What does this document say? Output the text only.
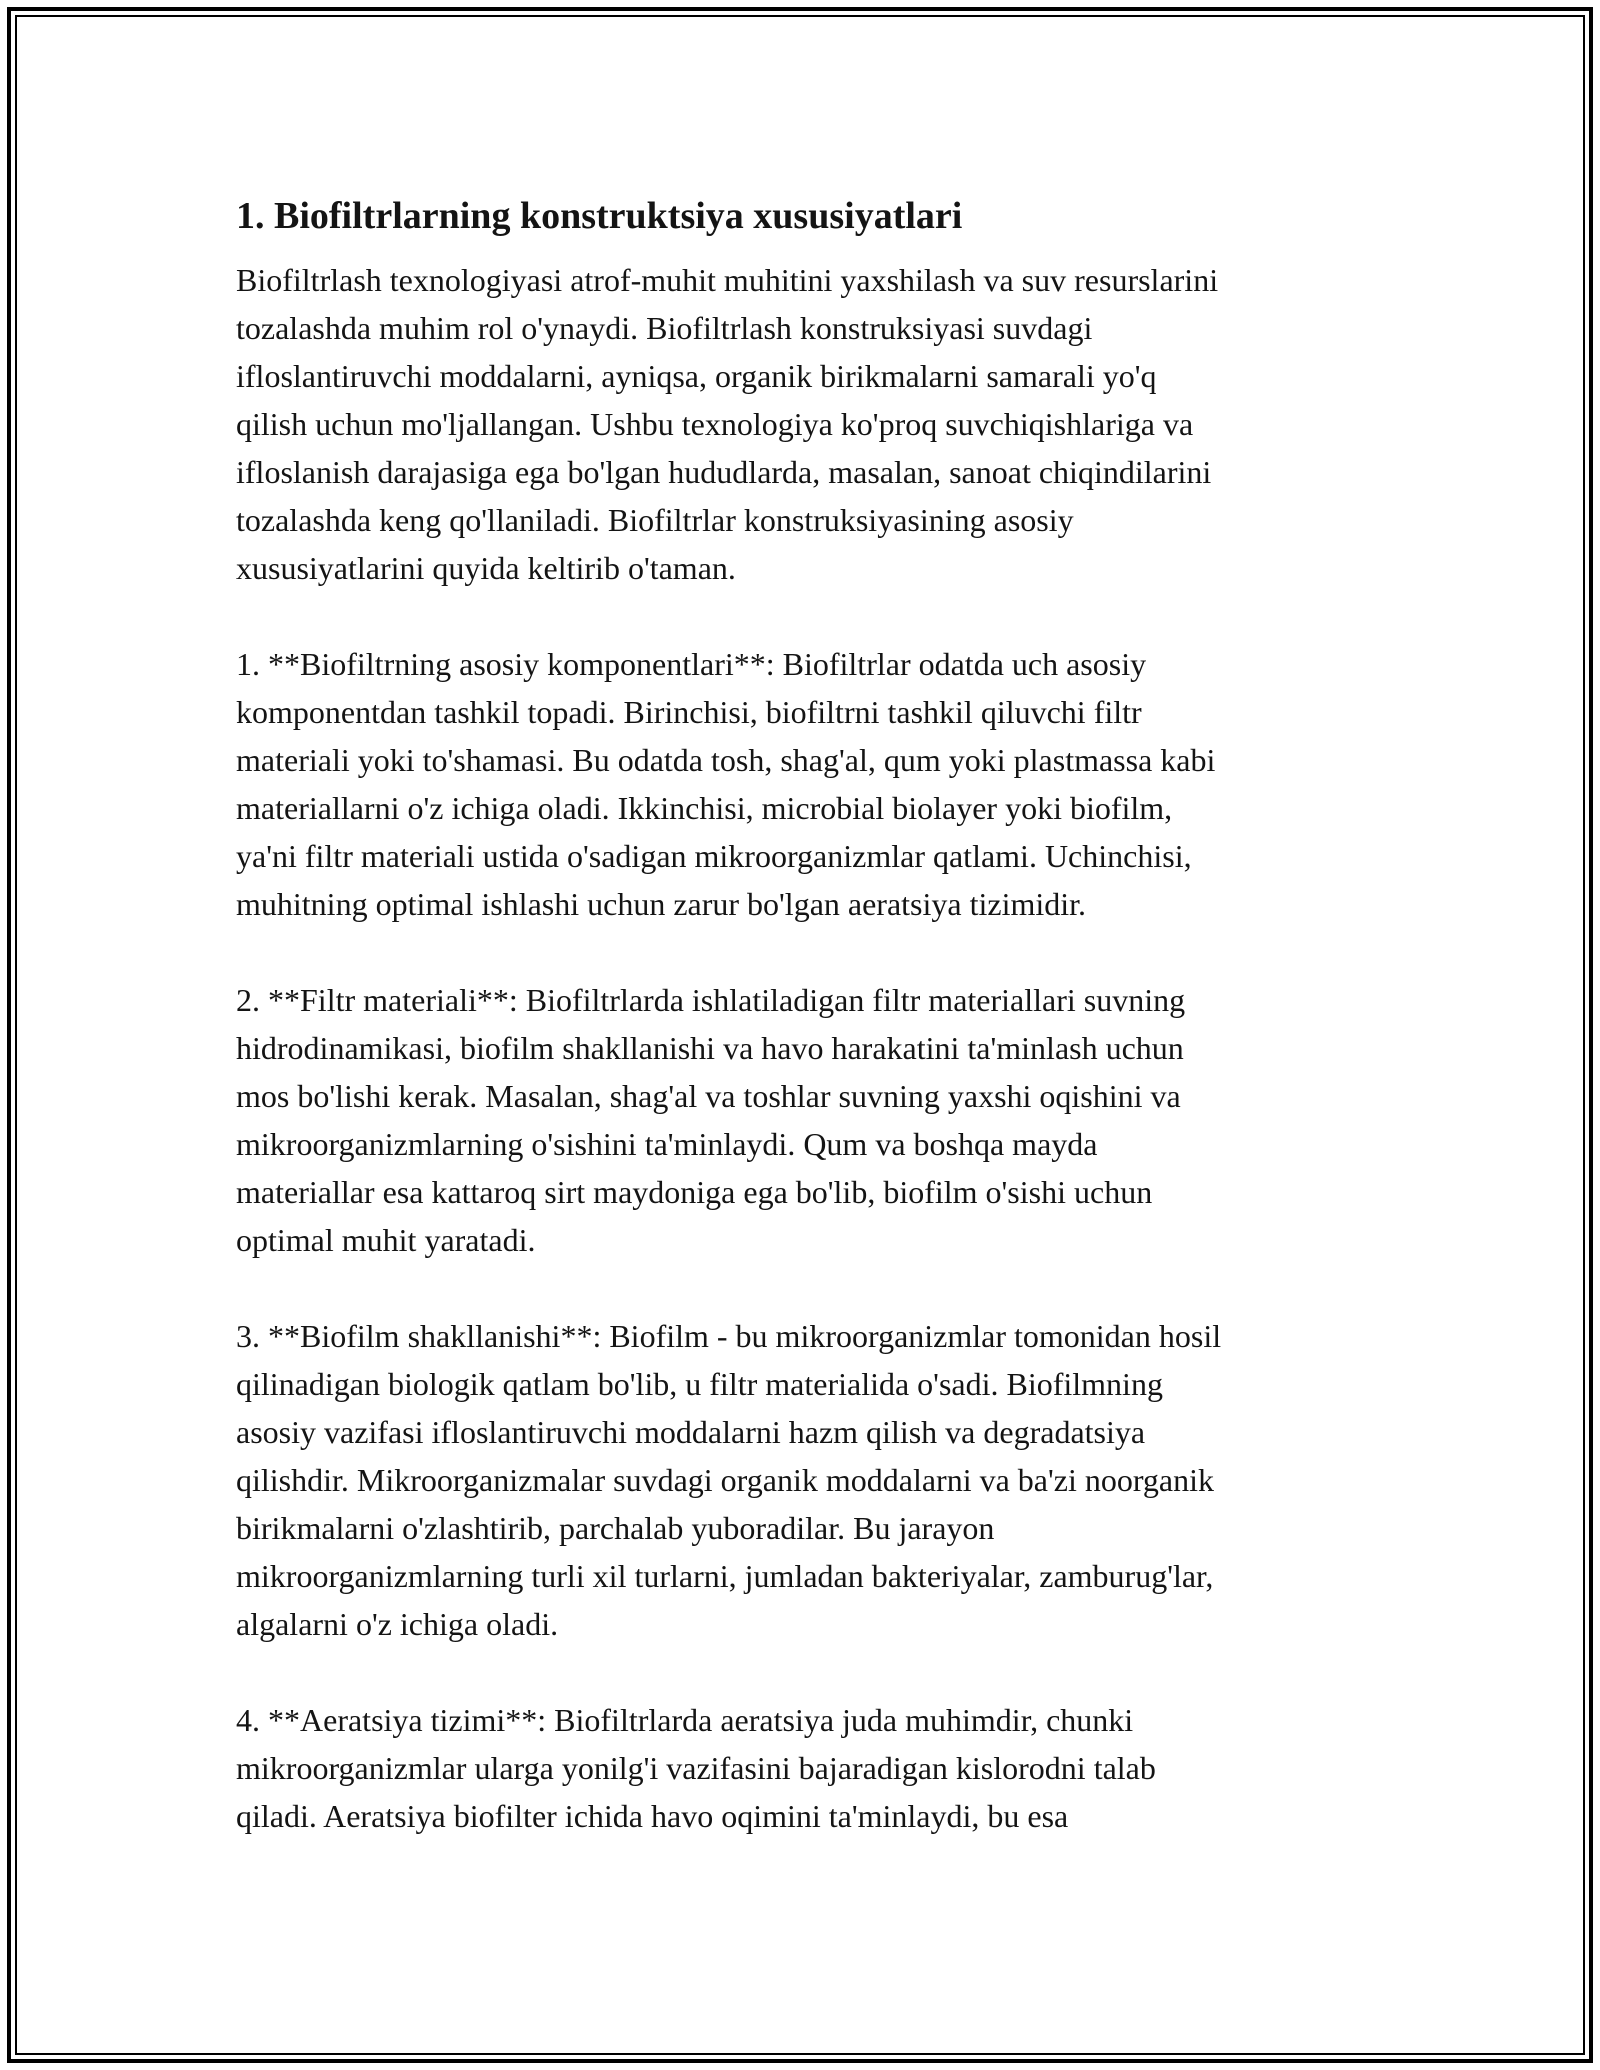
1. Biofiltrlarning konstruktsiya xususiyatlari

Biofiltrlash texnologiyasi atrof-muhit muhitini yaxshilash va suv resurslarini
tozalashda muhim rol o'ynaydi. Biofiltrlash konstruksiyasi suvdagi
ifloslantiruvchi moddalarni, ayniqsa, organik birikmalarni samarali yo'q
qilish uchun mo'ljallangan. Ushbu texnologiya ko'proq suvchiqishlariga va
ifloslanish darajasiga ega bo'lgan hududlarda, masalan, sanoat chiqindilarini
tozalashda keng qo'llaniladi. Biofiltrlar konstruksiyasining asosiy
xususiyatlarini quyida keltirib o'taman.

1. **Biofiltrning asosiy komponentlari**: Biofiltrlar odatda uch asosiy
komponentdan tashkil topadi. Birinchisi, biofiltrni tashkil qiluvchi filtr
materiali yoki to'shamasi. Bu odatda tosh, shag'al, qum yoki plastmassa kabi
materiallarni o'z ichiga oladi. Ikkinchisi, microbial biolayer yoki biofilm,
ya'ni filtr materiali ustida o'sadigan mikroorganizmlar qatlami. Uchinchisi,
muhitning optimal ishlashi uchun zarur bo'lgan aeratsiya tizimidir.

2. **Filtr materiali**: Biofiltrlarda ishlatiladigan filtr materiallari suvning
hidrodinamikasi, biofilm shakllanishi va havo harakatini ta'minlash uchun
mos bo'lishi kerak. Masalan, shag'al va toshlar suvning yaxshi oqishini va
mikroorganizmlarning o'sishini ta'minlaydi. Qum va boshqa mayda
materiallar esa kattaroq sirt maydoniga ega bo'lib, biofilm o'sishi uchun
optimal muhit yaratadi.

3. **Biofilm shakllanishi**: Biofilm - bu mikroorganizmlar tomonidan hosil
qilinadigan biologik qatlam bo'lib, u filtr materialida o'sadi. Biofilmning
asosiy vazifasi ifloslantiruvchi moddalarni hazm qilish va degradatsiya
qilishdir. Mikroorganizmalar suvdagi organik moddalarni va ba'zi noorganik
birikmalarni o'zlashtirib, parchalab yuboradilar. Bu jarayon
mikroorganizmlarning turli xil turlarni, jumladan bakteriyalar, zamburug'lar,
algalarni o'z ichiga oladi.

4. **Aeratsiya tizimi**: Biofiltrlarda aeratsiya juda muhimdir, chunki
mikroorganizmlar ularga yonilg'i vazifasini bajaradigan kislorodni talab
qiladi. Aeratsiya biofilter ichida havo oqimini ta'minlaydi, bu esa
